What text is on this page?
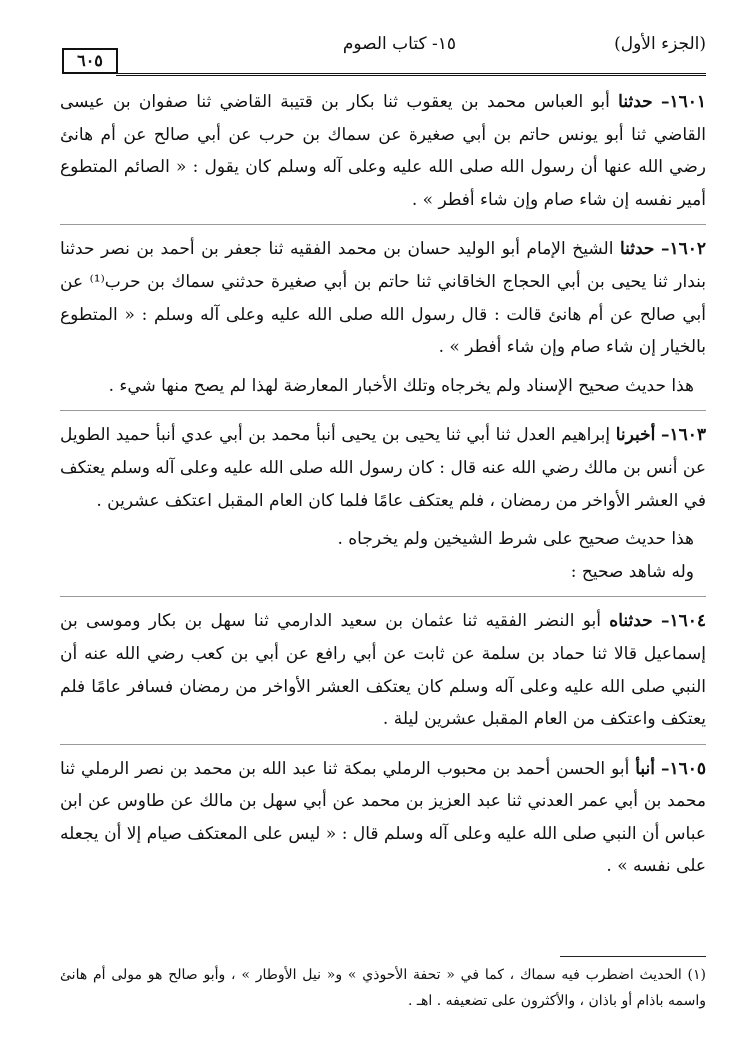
(الجزء الأول)
١٥- كتاب الصوم
٦٠٥

١٦٠١– حدثنا أبو العباس محمد بن يعقوب ثنا بكار بن قتيبة القاضي ثنا صفوان بن عيسى القاضي ثنا أبو يونس حاتم بن أبي صغيرة عن سماك بن حرب عن أبي صالح عن أم هانئ رضي الله عنها أن رسول الله صلى الله عليه وعلى آله وسلم كان يقول : « الصائم المتطوع أمير نفسه إن شاء صام وإن شاء أفطر » .

١٦٠٢– حدثنا الشيخ الإمام أبو الوليد حسان بن محمد الفقيه ثنا جعفر بن أحمد بن نصر حدثنا بندار ثنا يحيى بن أبي الحجاج الخاقاني ثنا حاتم بن أبي صغيرة حدثني سماك بن حرب⁽¹⁾ عن أبي صالح عن أم هانئ قالت : قال رسول الله صلى الله عليه وعلى آله وسلم : « المتطوع بالخيار إن شاء صام وإن شاء أفطر » .

هذا حديث صحيح الإسناد ولم يخرجاه وتلك الأخبار المعارضة لهذا لم يصح منها شيء .

١٦٠٣– أخبرنا إبراهيم العدل ثنا أبي ثنا يحيى بن يحيى أنبأ محمد بن أبي عدي أنبأ حميد الطويل عن أنس بن مالك رضي الله عنه قال : كان رسول الله صلى الله عليه وعلى آله وسلم يعتكف في العشر الأواخر من رمضان ، فلم يعتكف عامًا فلما كان العام المقبل اعتكف عشرين .

هذا حديث صحيح على شرط الشيخين ولم يخرجاه .

وله شاهد صحيح :

١٦٠٤– حدثناه أبو النضر الفقيه ثنا عثمان بن سعيد الدارمي ثنا سهل بن بكار وموسى بن إسماعيل قالا ثنا حماد بن سلمة عن ثابت عن أبي رافع عن أبي بن كعب رضي الله عنه أن النبي صلى الله عليه وعلى آله وسلم كان يعتكف العشر الأواخر من رمضان فسافر عامًا فلم يعتكف واعتكف من العام المقبل عشرين ليلة .

١٦٠٥– أنبأ أبو الحسن أحمد بن محبوب الرملي بمكة ثنا عبد الله بن محمد بن نصر الرملي ثنا محمد بن أبي عمر العدني ثنا عبد العزيز بن محمد عن أبي سهل بن مالك عن طاوس عن ابن عباس أن النبي صلى الله عليه وعلى آله وسلم قال : « ليس على المعتكف صيام إلا أن يجعله على نفسه » .

(١) الحديث اضطرب فيه سماك ، كما في « تحفة الأحوذي » و« نيل الأوطار » ، وأبو صالح هو مولى أم هانئ واسمه باذام أو باذان ، والأكثرون على تضعيفه . اهـ .
